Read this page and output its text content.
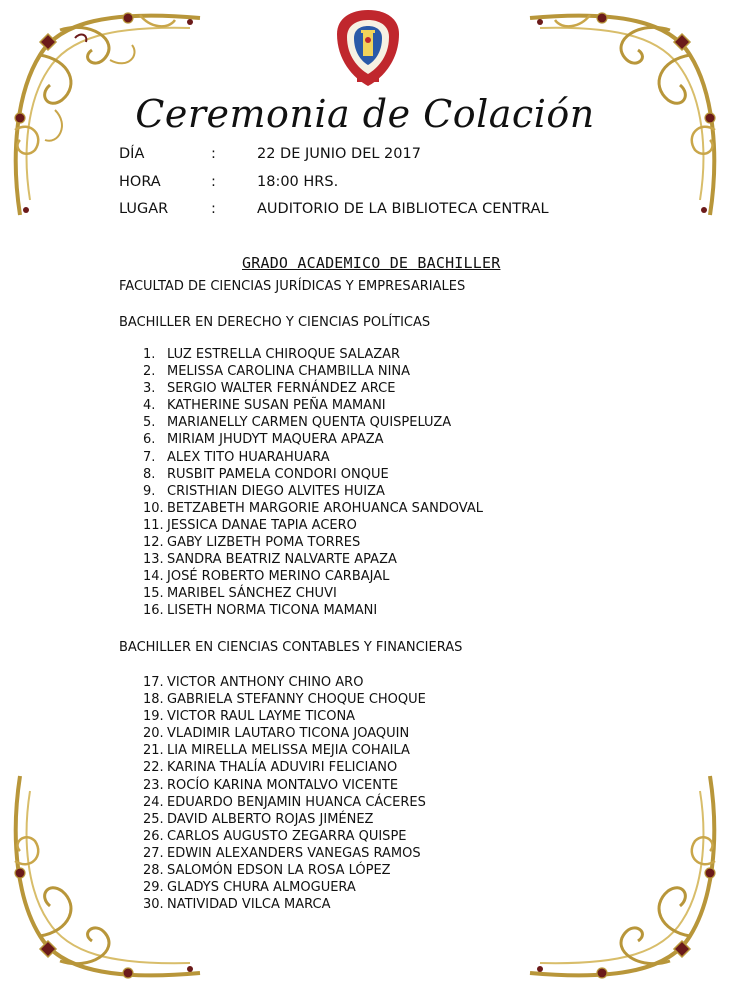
Ceremonia de Colación
DÍA	:	22 DE JUNIO DEL 2017
HORA	:	18:00 HRS.
LUGAR	:	AUDITORIO DE LA BIBLIOTECA CENTRAL
GRADO ACADEMICO DE BACHILLER
FACULTAD DE CIENCIAS JURÍDICAS Y EMPRESARIALES
BACHILLER EN DERECHO Y CIENCIAS POLÍTICAS
1. LUZ ESTRELLA CHIROQUE SALAZAR
2. MELISSA CAROLINA CHAMBILLA NINA
3. SERGIO WALTER FERNÁNDEZ ARCE
4. KATHERINE SUSAN PEÑA MAMANI
5. MARIANELLY CARMEN QUENTA QUISPELUZA
6. MIRIAM JHUDYT MAQUERA APAZA
7. ALEX TITO HUARAHUARA
8. RUSBIT PAMELA CONDORI ONQUE
9. CRISTHIAN DIEGO ALVITES HUIZA
10. BETZABETH MARGORIE AROHUANCA SANDOVAL
11. JESSICA DANAE TAPIA ACERO
12. GABY LIZBETH POMA TORRES
13. SANDRA BEATRIZ NALVARTE APAZA
14. JOSÉ ROBERTO MERINO CARBAJAL
15. MARIBEL SÁNCHEZ CHUVI
16. LISETH NORMA TICONA MAMANI
BACHILLER EN CIENCIAS CONTABLES Y FINANCIERAS
17. VICTOR ANTHONY CHINO ARO
18. GABRIELA STEFANNY CHOQUE CHOQUE
19. VICTOR RAUL LAYME TICONA
20. VLADIMIR LAUTARO TICONA JOAQUIN
21. LIA MIRELLA MELISSA MEJIA COHAILA
22. KARINA THALÍA ADUVIRI FELICIANO
23. ROCÍO KARINA MONTALVO VICENTE
24. EDUARDO BENJAMIN HUANCA CÁCERES
25. DAVID ALBERTO ROJAS JIMÉNEZ
26. CARLOS AUGUSTO ZEGARRA QUISPE
27. EDWIN ALEXANDERS VANEGAS RAMOS
28. SALOMÓN EDSON LA ROSA LÓPEZ
29. GLADYS CHURA ALMOGUERA
30. NATIVIDAD VILCA MARCA
